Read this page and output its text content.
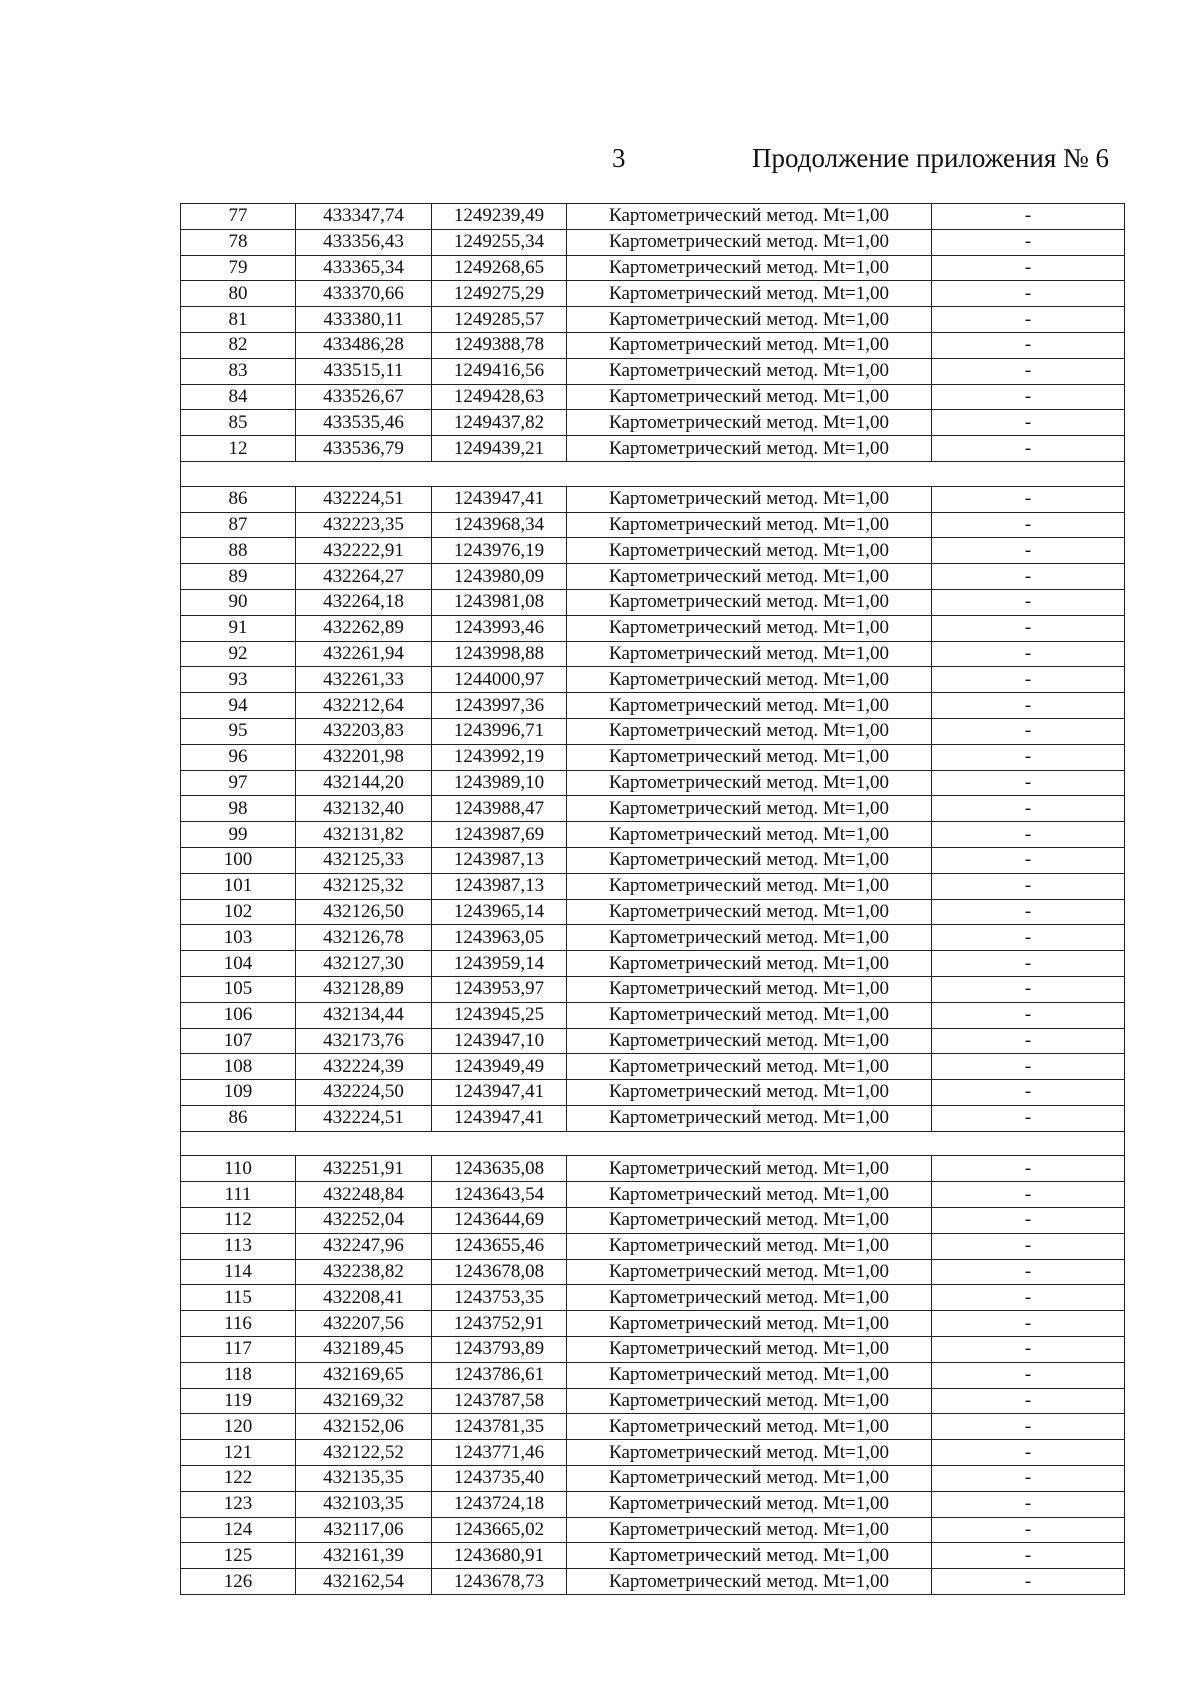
3	Продолжение приложения № 6
77	433347,74	1249239,49	Картометрический метод. Mt=1,00	-
78	433356,43	1249255,34	Картометрический метод. Mt=1,00	-
79	433365,34	1249268,65	Картометрический метод. Mt=1,00	-
80	433370,66	1249275,29	Картометрический метод. Mt=1,00	-
81	433380,11	1249285,57	Картометрический метод. Mt=1,00	-
82	433486,28	1249388,78	Картометрический метод. Mt=1,00	-
83	433515,11	1249416,56	Картометрический метод. Mt=1,00	-
84	433526,67	1249428,63	Картометрический метод. Mt=1,00	-
85	433535,46	1249437,82	Картометрический метод. Mt=1,00	-
12	433536,79	1249439,21	Картометрический метод. Mt=1,00	-

86	432224,51	1243947,41	Картометрический метод. Mt=1,00	-
87	432223,35	1243968,34	Картометрический метод. Mt=1,00	-
88	432222,91	1243976,19	Картометрический метод. Mt=1,00	-
89	432264,27	1243980,09	Картометрический метод. Mt=1,00	-
90	432264,18	1243981,08	Картометрический метод. Mt=1,00	-
91	432262,89	1243993,46	Картометрический метод. Mt=1,00	-
92	432261,94	1243998,88	Картометрический метод. Mt=1,00	-
93	432261,33	1244000,97	Картометрический метод. Mt=1,00	-
94	432212,64	1243997,36	Картометрический метод. Mt=1,00	-
95	432203,83	1243996,71	Картометрический метод. Mt=1,00	-
96	432201,98	1243992,19	Картометрический метод. Mt=1,00	-
97	432144,20	1243989,10	Картометрический метод. Mt=1,00	-
98	432132,40	1243988,47	Картометрический метод. Mt=1,00	-
99	432131,82	1243987,69	Картометрический метод. Mt=1,00	-
100	432125,33	1243987,13	Картометрический метод. Mt=1,00	-
101	432125,32	1243987,13	Картометрический метод. Mt=1,00	-
102	432126,50	1243965,14	Картометрический метод. Mt=1,00	-
103	432126,78	1243963,05	Картометрический метод. Mt=1,00	-
104	432127,30	1243959,14	Картометрический метод. Mt=1,00	-
105	432128,89	1243953,97	Картометрический метод. Mt=1,00	-
106	432134,44	1243945,25	Картометрический метод. Mt=1,00	-
107	432173,76	1243947,10	Картометрический метод. Mt=1,00	-
108	432224,39	1243949,49	Картометрический метод. Mt=1,00	-
109	432224,50	1243947,41	Картометрический метод. Mt=1,00	-
86	432224,51	1243947,41	Картометрический метод. Mt=1,00	-

110	432251,91	1243635,08	Картометрический метод. Mt=1,00	-
111	432248,84	1243643,54	Картометрический метод. Mt=1,00	-
112	432252,04	1243644,69	Картометрический метод. Mt=1,00	-
113	432247,96	1243655,46	Картометрический метод. Mt=1,00	-
114	432238,82	1243678,08	Картометрический метод. Mt=1,00	-
115	432208,41	1243753,35	Картометрический метод. Mt=1,00	-
116	432207,56	1243752,91	Картометрический метод. Mt=1,00	-
117	432189,45	1243793,89	Картометрический метод. Mt=1,00	-
118	432169,65	1243786,61	Картометрический метод. Mt=1,00	-
119	432169,32	1243787,58	Картометрический метод. Mt=1,00	-
120	432152,06	1243781,35	Картометрический метод. Mt=1,00	-
121	432122,52	1243771,46	Картометрический метод. Mt=1,00	-
122	432135,35	1243735,40	Картометрический метод. Mt=1,00	-
123	432103,35	1243724,18	Картометрический метод. Mt=1,00	-
124	432117,06	1243665,02	Картометрический метод. Mt=1,00	-
125	432161,39	1243680,91	Картометрический метод. Mt=1,00	-
126	432162,54	1243678,73	Картометрический метод. Mt=1,00	-
